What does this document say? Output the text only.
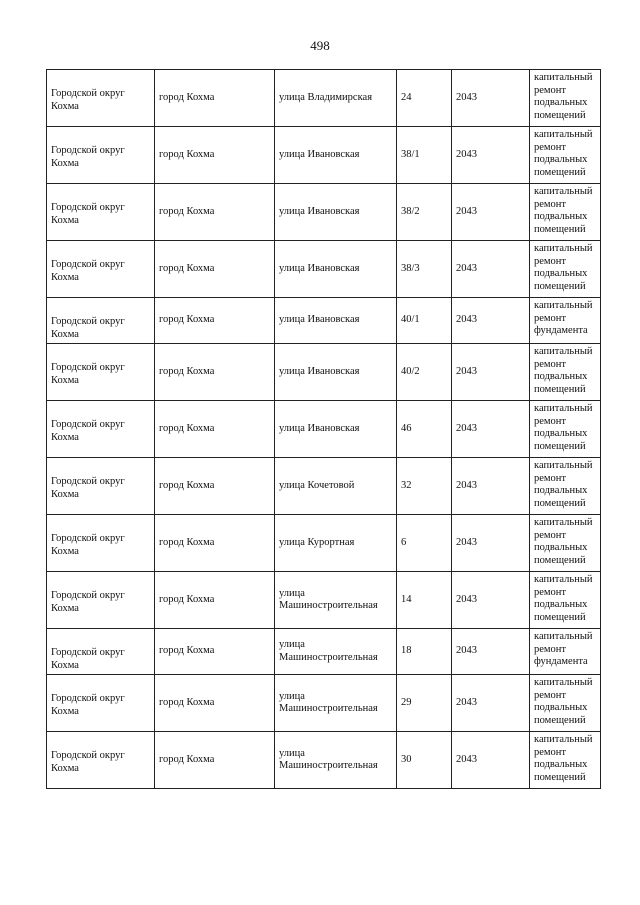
498
Городской округ Кохма	город Кохма	улица Владимирская	24	2043	капитальный ремонт подвальных помещений
Городской округ Кохма	город Кохма	улица Ивановская	38/1	2043	капитальный ремонт подвальных помещений
Городской округ Кохма	город Кохма	улица Ивановская	38/2	2043	капитальный ремонт подвальных помещений
Городской округ Кохма	город Кохма	улица Ивановская	38/3	2043	капитальный ремонт подвальных помещений
Городской округ Кохма	город Кохма	улица Ивановская	40/1	2043	капитальный ремонт фундамента
Городской округ Кохма	город Кохма	улица Ивановская	40/2	2043	капитальный ремонт подвальных помещений
Городской округ Кохма	город Кохма	улица Ивановская	46	2043	капитальный ремонт подвальных помещений
Городской округ Кохма	город Кохма	улица Кочетовой	32	2043	капитальный ремонт подвальных помещений
Городской округ Кохма	город Кохма	улица Курортная	6	2043	капитальный ремонт подвальных помещений
Городской округ Кохма	город Кохма	улица Машиностроительная	14	2043	капитальный ремонт подвальных помещений
Городской округ Кохма	город Кохма	улица Машиностроительная	18	2043	капитальный ремонт фундамента
Городской округ Кохма	город Кохма	улица Машиностроительная	29	2043	капитальный ремонт подвальных помещений
Городской округ Кохма	город Кохма	улица Машиностроительная	30	2043	капитальный ремонт подвальных помещений
